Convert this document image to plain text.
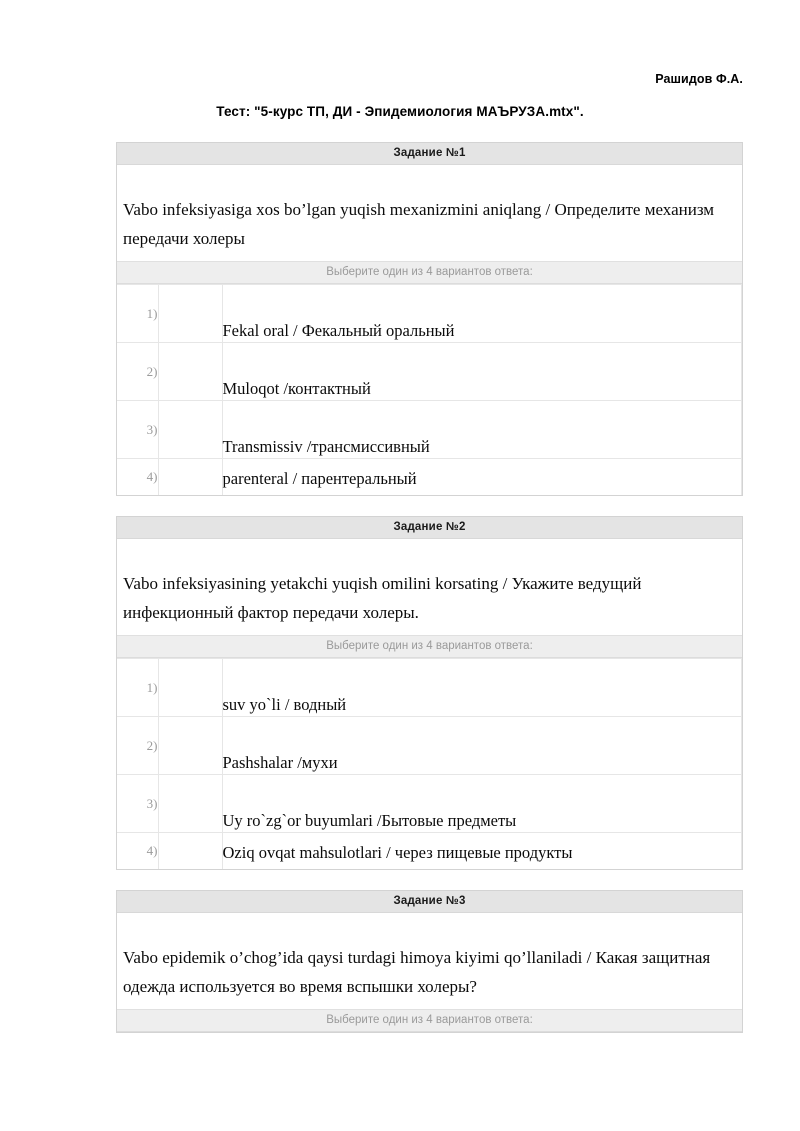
Рашидов Ф.А.
Тест: "5-курс ТП, ДИ - Эпидемиология МАЪРУЗА.mtx".
Задание №1
Vabo infeksiyasiga xos bo’lgan yuqish mexanizmini aniqlang / Определите механизм передачи холеры
Выберите один из 4 вариантов ответа:
1)		Fekal oral / Фекальный оральный
2)		Muloqot /контактный
3)		Transmissiv /трансмиссивный
4)		parenteral / парентеральный
Задание №2
Vabo infeksiyasining yetakchi yuqish omilini korsating / Укажите ведущий инфекционный фактор передачи холеры.
Выберите один из 4 вариантов ответа:
1)		suv yo`li / водный
2)		Pashshalar /мухи
3)		Uy ro`zg`or buyumlari /Бытовые предметы
4)		Oziq ovqat mahsulotlari / через пищевые продукты
Задание №3
Vabo epidemik o’chog’ida qaysi turdagi himoya kiyimi qo’llaniladi / Какая защитная одежда используется во время вспышки холеры?
Выберите один из 4 вариантов ответа:
